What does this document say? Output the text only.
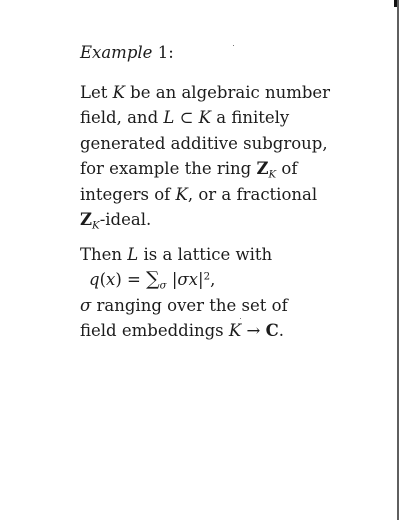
Example 1:
Let K be an algebraic number
field, and L ⊂ K a finitely
generated additive subgroup,
for example the ring $Z_K$ of
integers of K, or a fractional
$Z_K$-ideal.
Then L is a lattice with
$q(x) = \sum_\sigma$ $|\sigma x|^2$,
σ ranging over the set of
field embeddings K → C.
